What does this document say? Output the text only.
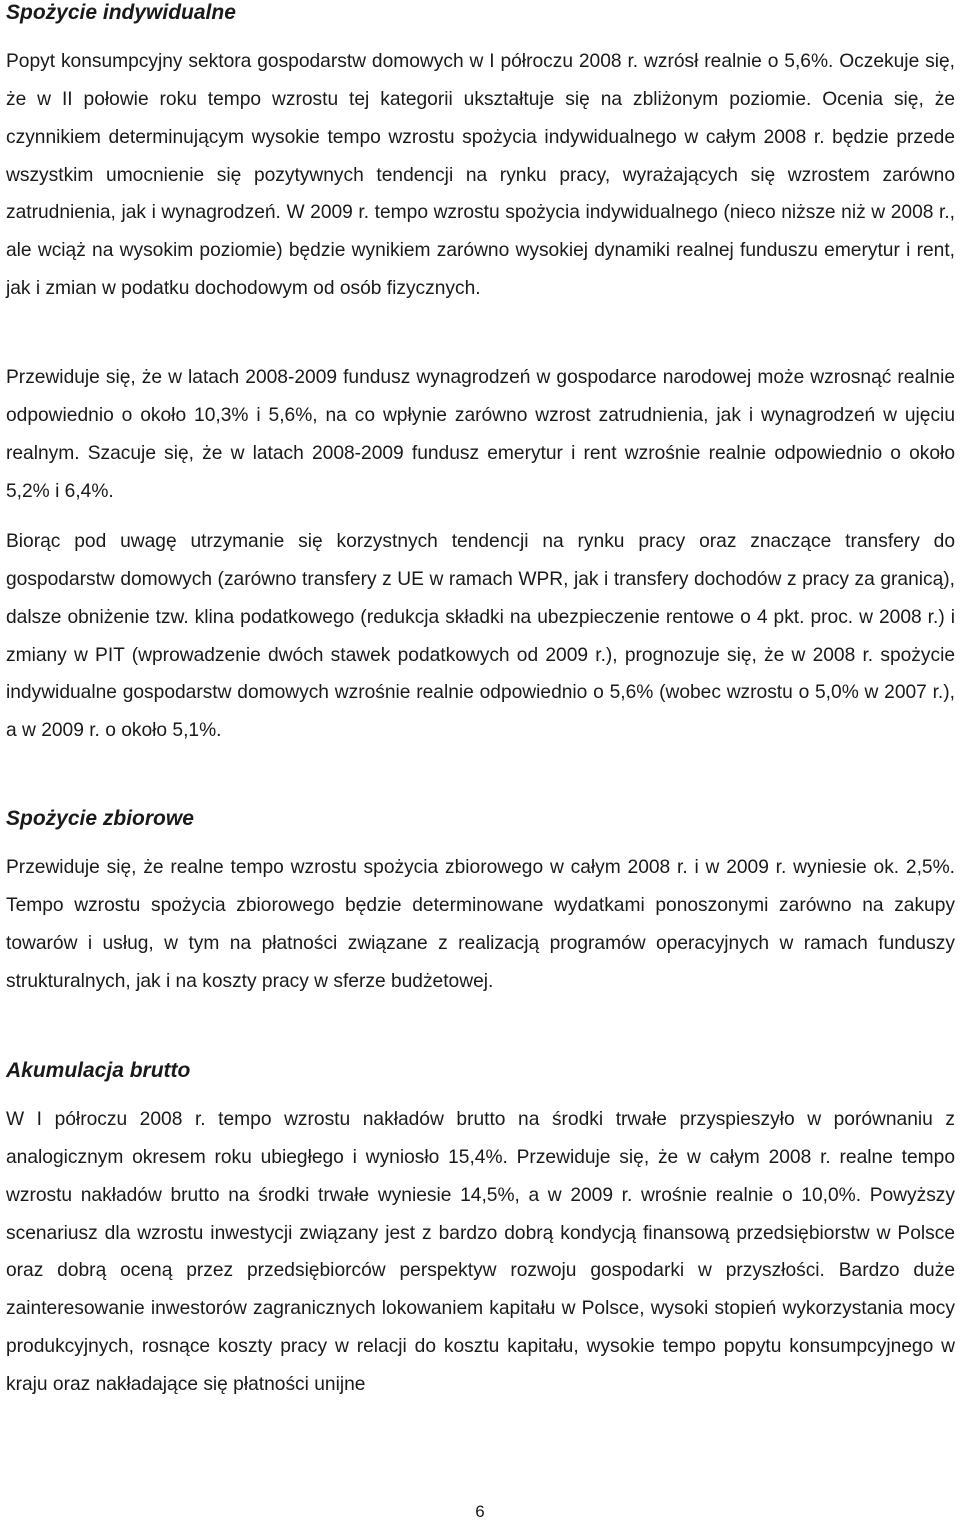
Spożycie indywidualne

Popyt konsumpcyjny sektora gospodarstw domowych w I półroczu 2008 r. wzrósł realnie o 5,6%. Oczekuje się, że w II połowie roku tempo wzrostu tej kategorii ukształtuje się na zbliżonym poziomie. Ocenia się, że czynnikiem determinującym wysokie tempo wzrostu spożycia indywidualnego w całym 2008 r. będzie przede wszystkim umocnienie się pozytywnych tendencji na rynku pracy, wyrażających się wzrostem zarówno zatrudnienia, jak i wynagrodzeń. W 2009 r. tempo wzrostu spożycia indywidualnego (nieco niższe niż w 2008 r., ale wciąż na wysokim poziomie) będzie wynikiem zarówno wysokiej dynamiki realnej funduszu emerytur i rent, jak i zmian w podatku dochodowym od osób fizycznych.

Przewiduje się, że w latach 2008-2009 fundusz wynagrodzeń w gospodarce narodowej może wzrosnąć realnie odpowiednio o około 10,3% i 5,6%, na co wpłynie zarówno wzrost zatrudnienia, jak i wynagrodzeń w ujęciu realnym. Szacuje się, że w latach 2008-2009 fundusz emerytur i rent wzrośnie realnie odpowiednio o około 5,2% i 6,4%.

Biorąc pod uwagę utrzymanie się korzystnych tendencji na rynku pracy oraz znaczące transfery do gospodarstw domowych (zarówno transfery z UE w ramach WPR, jak i transfery dochodów z pracy za granicą), dalsze obniżenie tzw. klina podatkowego (redukcja składki na ubezpieczenie rentowe o 4 pkt. proc. w 2008 r.) i zmiany w PIT (wprowadzenie dwóch stawek podatkowych od 2009 r.), prognozuje się, że w 2008 r. spożycie indywidualne gospodarstw domowych wzrośnie realnie odpowiednio o 5,6% (wobec wzrostu o 5,0% w 2007 r.), a w 2009 r. o około 5,1%.

Spożycie zbiorowe

Przewiduje się, że realne tempo wzrostu spożycia zbiorowego w całym 2008 r. i w 2009 r. wyniesie ok. 2,5%. Tempo wzrostu spożycia zbiorowego będzie determinowane wydatkami ponoszonymi zarówno na zakupy towarów i usług, w tym na płatności związane z realizacją programów operacyjnych w ramach funduszy strukturalnych, jak i na koszty pracy w sferze budżetowej.

Akumulacja brutto

W I półroczu 2008 r. tempo wzrostu nakładów brutto na środki trwałe przyspieszyło w porównaniu z analogicznym okresem roku ubiegłego i wyniosło 15,4%. Przewiduje się, że w całym 2008 r. realne tempo wzrostu nakładów brutto na środki trwałe wyniesie 14,5%, a w 2009 r. wrośnie realnie o 10,0%. Powyższy scenariusz dla wzrostu inwestycji związany jest z bardzo dobrą kondycją finansową przedsiębiorstw w Polsce oraz dobrą oceną przez przedsiębiorców perspektyw rozwoju gospodarki w przyszłości. Bardzo duże zainteresowanie inwestorów zagranicznych lokowaniem kapitału w Polsce, wysoki stopień wykorzystania mocy produkcyjnych, rosnące koszty pracy w relacji do kosztu kapitału, wysokie tempo popytu konsumpcyjnego w kraju oraz nakładające się płatności unijne

6
